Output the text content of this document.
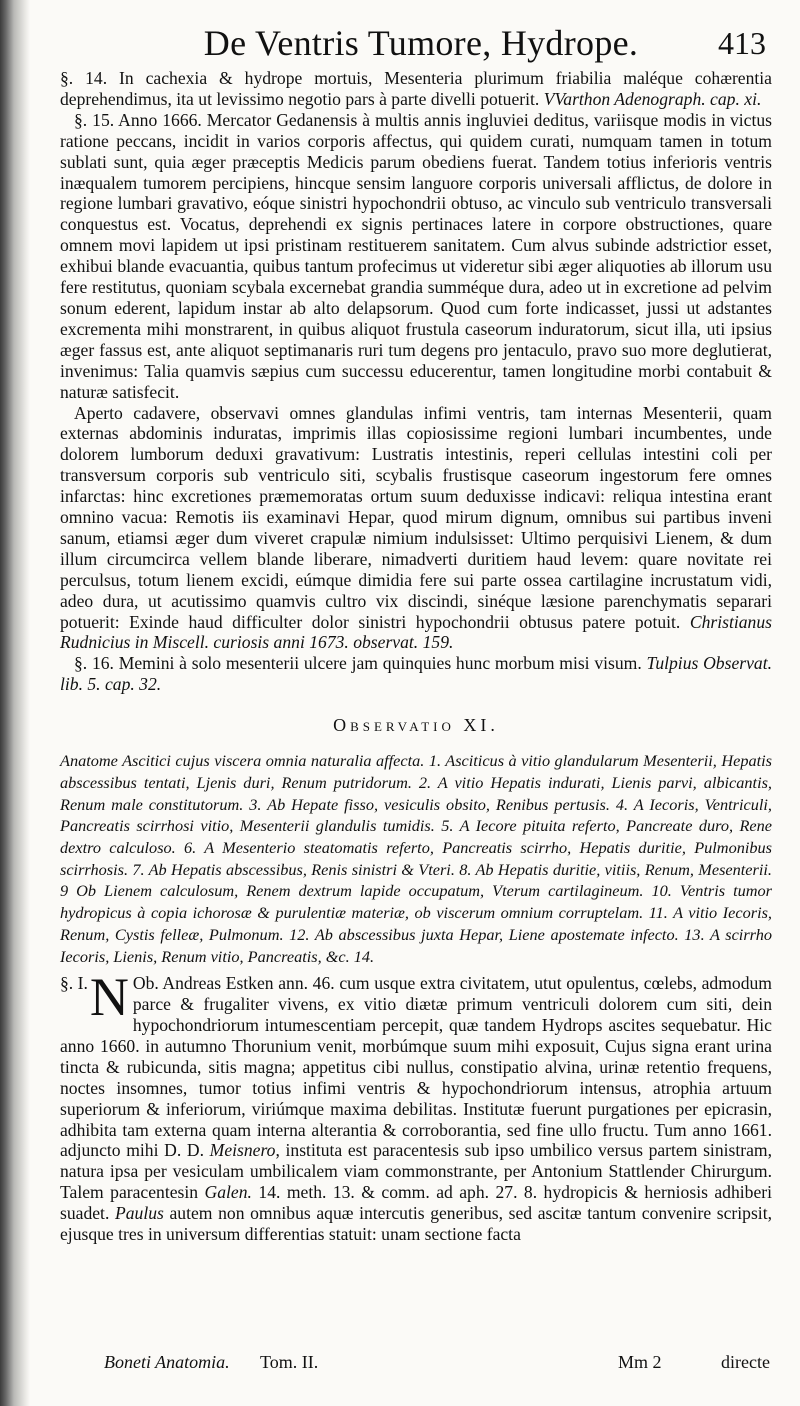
De Ventris Tumore, Hydrope.	413

§. 14. In cachexia & hydrope mortuis, Mesenteria plurimum friabilia maléque cohærentia deprehendimus, ita ut levissimo negotio pars à parte divelli potuerit. VVarthon Adenograph. cap. xi.

§. 15. Anno 1666. Mercator Gedanensis à multis annis ingluviei deditus, variisque modis in victus ratione peccans, incidit in varios corporis affectus, qui quidem curati, numquam tamen in totum sublati sunt, quia æger præceptis Medicis parum obediens fuerat. Tandem totius inferioris ventris inæqualem tumorem percipiens, hincque sensim languore corporis universali afflictus, de dolore in regione lumbari gravativo, eóque sinistri hypochondrii obtuso, ac vinculo sub ventriculo transversali conquestus est. Vocatus, deprehendi ex signis pertinaces latere in corpore obstructiones, quare omnem movi lapidem ut ipsi pristinam restituerem sanitatem. Cum alvus subinde adstrictior esset, exhibui blande evacuantia, quibus tantum profecimus ut videretur sibi æger aliquoties ab illorum usu fere restitutus, quoniam scybala excernebat grandia summéque dura, adeo ut in excretione ad pelvim sonum ederent, lapidum instar ab alto delapsorum. Quod cum forte indicasset, jussi ut adstantes excrementa mihi monstrarent, in quibus aliquot frustula caseorum induratorum, sicut illa, uti ipsius æger fassus est, ante aliquot septimanaris ruri tum degens pro jentaculo, pravo suo more deglutierat, invenimus: Talia quamvis sæpius cum successu educerentur, tamen longitudine morbi contabuit & naturæ satisfecit.

Aperto cadavere, observavi omnes glandulas infimi ventris, tam internas Mesenterii, quam externas abdominis induratas, imprimis illas copiosissime regioni lumbari incumbentes, unde dolorem lumborum deduxi gravativum: Lustratis intestinis, reperi cellulas intestini coli per transversum corporis sub ventriculo siti, scybalis frustisque caseorum ingestorum fere omnes infarctas: hinc excretiones præmemoratas ortum suum deduxisse indicavi: reliqua intestina erant omnino vacua: Remotis iis examinavi Hepar, quod mirum dignum, omnibus sui partibus inveni sanum, etiamsi æger dum viveret crapulæ nimium indulsisset: Ultimo perquisivi Lienem, & dum illum circumcirca vellem blande liberare, nimadverti duritiem haud levem: quare novitate rei perculsus, totum lienem excidi, eúmque dimidia fere sui parte ossea cartilagine incrustatum vidi, adeo dura, ut acutissimo quamvis cultro vix discindi, sinéque læsione parenchymatis separari potuerit: Exinde haud difficulter dolor sinistri hypochondrii obtusus patere potuit. Christianus Rudnicius in Miscell. curiosis anni 1673. observat. 159.

§. 16. Memini à solo mesenterii ulcere jam quinquies hunc morbum misi visum. Tulpius Observat. lib. 5. cap. 32.

Observatio XI.

Anatome Ascitici cujus viscera omnia naturalia affecta. 1. Asciticus à vitio glandularum Mesenterii, Hepatis abscessibus tentati, Ljenis duri, Renum putridorum. 2. A vitio Hepatis indurati, Lienis parvi, albicantis, Renum male constitutorum. 3. Ab Hepate fisso, vesiculis obsito, Renibus pertusis. 4. A Iecoris, Ventriculi, Pancreatis scirrhosi vitio, Mesenterii glandulis tumidis. 5. A Iecore pituita referto, Pancreate duro, Rene dextro calculoso. 6. A Mesenterio steatomatis referto, Pancreatis scirrho, Hepatis duritie, Pulmonibus scirrhosis. 7. Ab Hepatis abscessibus, Renis sinistri & Vteri. 8. Ab Hepatis duritie, vitiis, Renum, Mesenterii. 9 Ob Lienem calculosum, Renem dextrum lapide occupatum, Vterum cartilagineum. 10. Ventris tumor hydropicus à copia ichorosæ & purulentiæ materiæ, ob viscerum omnium corruptelam. 11. A vitio Iecoris, Renum, Cystis felleæ, Pulmonum. 12. Ab abscessibus juxta Hepar, Liene apostemate infecto. 13. A scirrho Iecoris, Lienis, Renum vitio, Pancreatis, &c. 14.

§. I. N Ob. Andreas Estken ann. 46. cum usque extra civitatem, utut opulentus, cœlebs, admodum parce & frugaliter vivens, ex vitio diætæ primum ventriculi dolorem cum siti, dein hypochondriorum intumescentiam percepit, quæ tandem Hydrops ascites sequebatur. Hic anno 1660. in autumno Thorunium venit, morbúmque suum mihi exposuit, Cujus signa erant urina tincta & rubicunda, sitis magna; appetitus cibi nullus, constipatio alvina, urinæ retentio frequens, noctes insomnes, tumor totius infimi ventris & hypochondriorum intensus, atrophia artuum superiorum & inferiorum, viriúmque maxima debilitas. Institutæ fuerunt purgationes per epicrasin, adhibita tam externa quam interna alterantia & corroborantia, sed fine ullo fructu. Tum anno 1661. adjuncto mihi D. D. Meisnero, instituta est paracentesis sub ipso umbilico versus partem sinistram, natura ipsa per vesiculam umbilicalem viam commonstrante, per Antonium Stattlender Chirurgum. Talem paracentesin Galen. 14. meth. 13. & comm. ad aph. 27. 8. hydropicis & herniosis adhiberi suadet. Paulus autem non omnibus aquæ intercutis generibus, sed ascitæ tantum convenire scripsit, ejusque tres in universum differentias statuit: unam sectione facta

Boneti Anatomia. Tom. II.	Mm 2	directe
